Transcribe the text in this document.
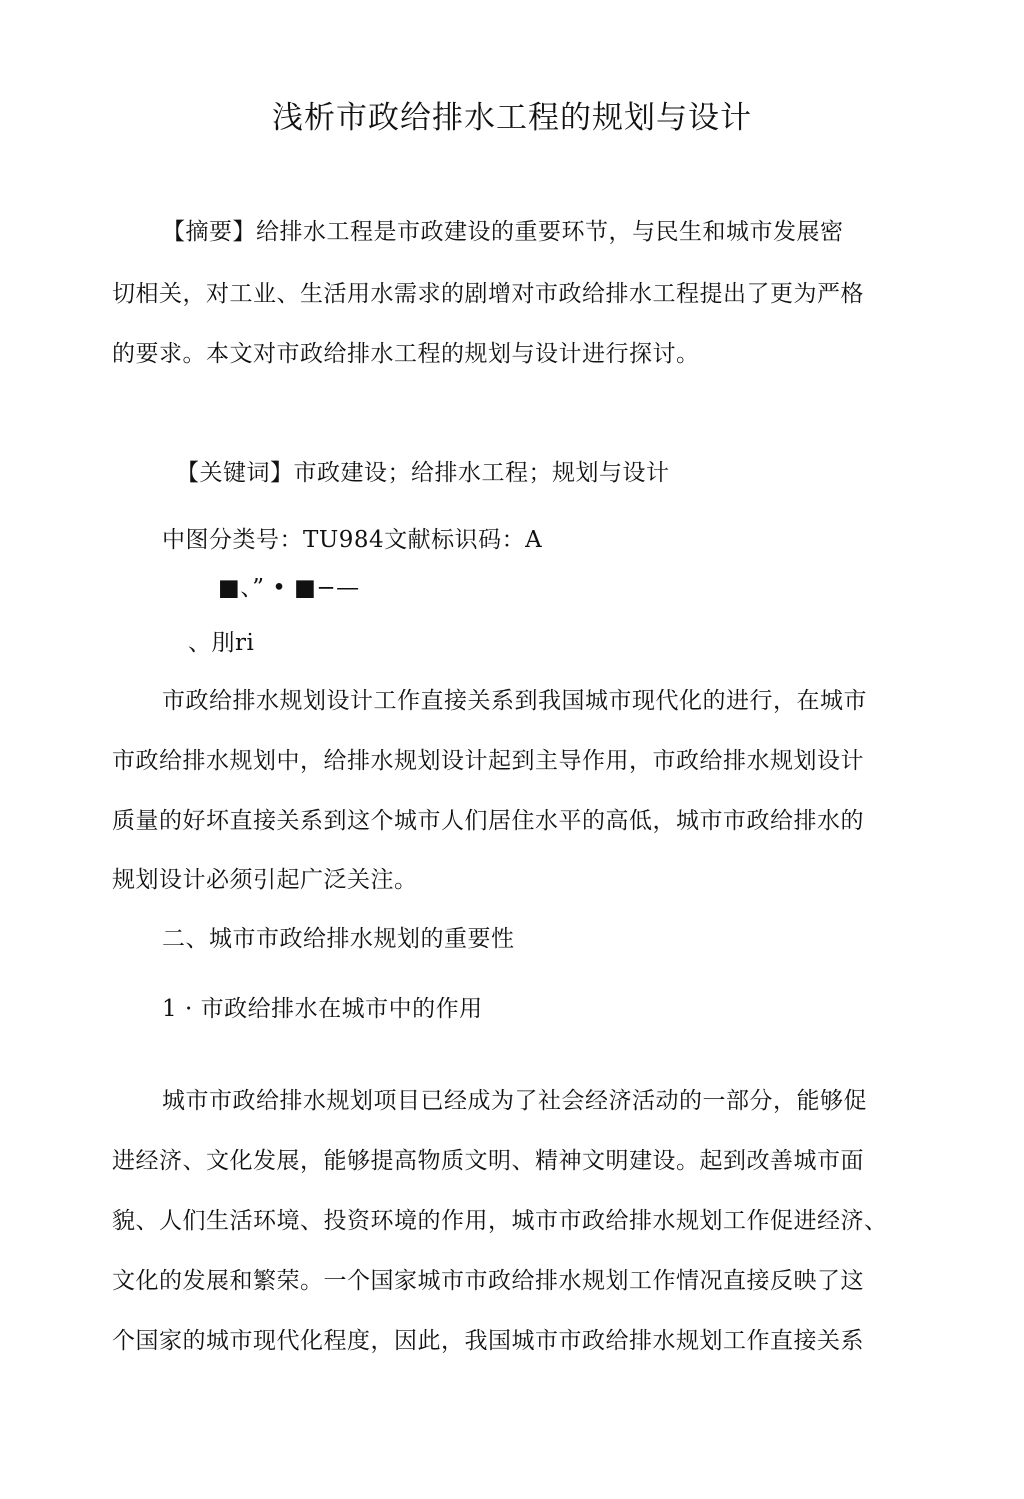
浅析市政给排水工程的规划与设计
【摘要】给排水工程是市政建设的重要环节，与民生和城市发展密
切相关，对工业、生活用水需求的剧增对市政给排水工程提出了更为严格
的要求。本文对市政给排水工程的规划与设计进行探讨。
【关键词】市政建设；给排水工程；规划与设计
中图分类号：TU984文献标识码：A
■、” • ■−—
、刖ri
市政给排水规划设计工作直接关系到我国城市现代化的进行，在城市
市政给排水规划中，给排水规划设计起到主导作用，市政给排水规划设计
质量的好坏直接关系到这个城市人们居住水平的高低，城市市政给排水的
规划设计必须引起广泛关注。
二、城市市政给排水规划的重要性
1 · 市政给排水在城市中的作用
城市市政给排水规划项目已经成为了社会经济活动的一部分，能够促
进经济、文化发展，能够提高物质文明、精神文明建设。起到改善城市面
貌、人们生活环境、投资环境的作用，城市市政给排水规划工作促进经济、
文化的发展和繁荣。一个国家城市市政给排水规划工作情况直接反映了这
个国家的城市现代化程度，因此，我国城市市政给排水规划工作直接关系
